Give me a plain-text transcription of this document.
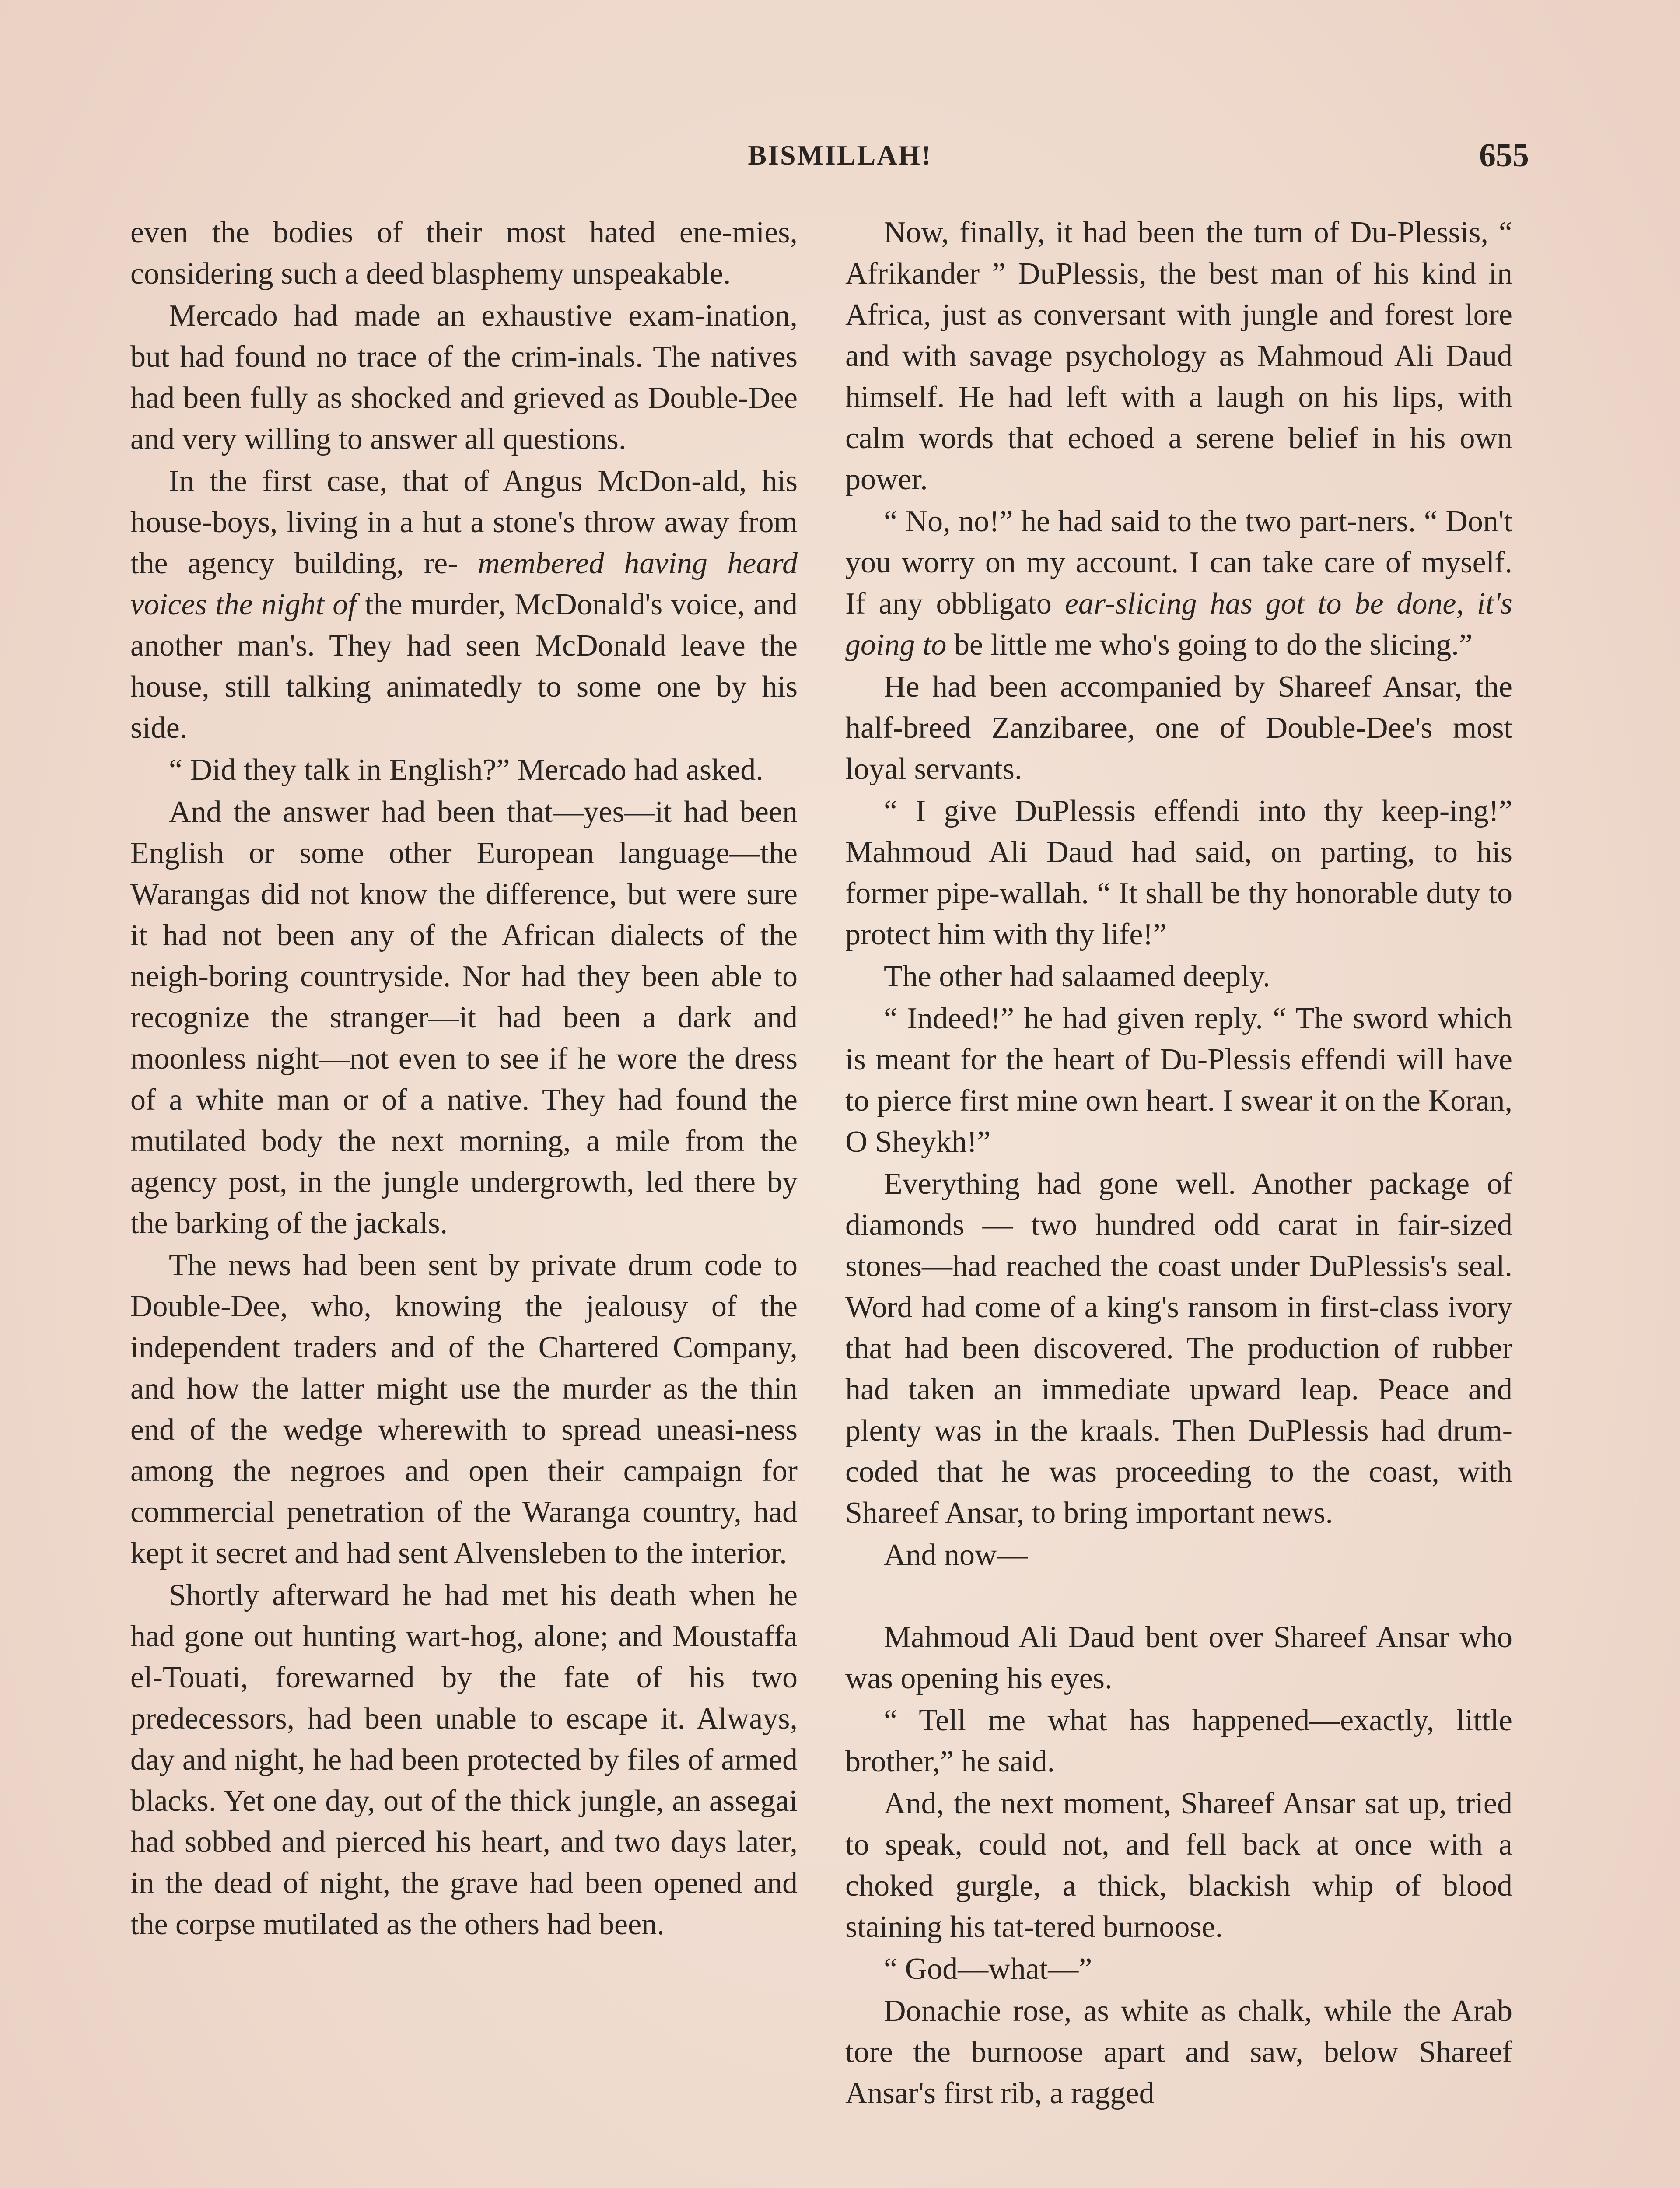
BISMILLAH!	655

even the bodies of their most hated ene-mies, considering such a deed blasphemy unspeakable.

Mercado had made an exhaustive exam-ination, but had found no trace of the crim-inals. The natives had been fully as shocked and grieved as Double-Dee and very willing to answer all questions.

In the first case, that of Angus McDon-ald, his house-boys, living in a hut a stone's throw away from the agency building, re- membered having heard voices the night of the murder, McDonald's voice, and another man's. They had seen McDonald leave the house, still talking animatedly to some one by his side.

“ Did they talk in English?” Mercado had asked.

And the answer had been that—yes—it had been English or some other European language—the Warangas did not know the difference, but were sure it had not been any of the African dialects of the neigh-boring countryside. Nor had they been able to recognize the stranger—it had been a dark and moonless night—not even to see if he wore the dress of a white man or of a native. They had found the mutilated body the next morning, a mile from the agency post, in the jungle undergrowth, led there by the barking of the jackals.

The news had been sent by private drum code to Double-Dee, who, knowing the jealousy of the independent traders and of the Chartered Company, and how the latter might use the murder as the thin end of the wedge wherewith to spread uneasi-ness among the negroes and open their campaign for commercial penetration of the Waranga country, had kept it secret and had sent Alvensleben to the interior.

Shortly afterward he had met his death when he had gone out hunting wart-hog, alone; and Moustaffa el-Touati, forewarned by the fate of his two predecessors, had been unable to escape it. Always, day and night, he had been protected by files of armed blacks. Yet one day, out of the thick jungle, an assegai had sobbed and pierced his heart, and two days later, in the dead of night, the grave had been opened and the corpse mutilated as the others had been.

Now, finally, it had been the turn of Du-Plessis, “ Afrikander ” DuPlessis, the best man of his kind in Africa, just as conversant with jungle and forest lore and with savage psychology as Mahmoud Ali Daud himself. He had left with a laugh on his lips, with calm words that echoed a serene belief in his own power.

“ No, no!” he had said to the two part-ners. “ Don't you worry on my account. I can take care of myself. If any obbligato ear-slicing has got to be done, it's going to be little me who's going to do the slicing.”

He had been accompanied by Shareef Ansar, the half-breed Zanzibaree, one of Double-Dee's most loyal servants.

“ I give DuPlessis effendi into thy keep-ing!” Mahmoud Ali Daud had said, on parting, to his former pipe-wallah. “ It shall be thy honorable duty to protect him with thy life!”

The other had salaamed deeply.

“ Indeed!” he had given reply. “ The sword which is meant for the heart of Du-Plessis effendi will have to pierce first mine own heart. I swear it on the Koran, O Sheykh!”

Everything had gone well. Another package of diamonds — two hundred odd carat in fair-sized stones—had reached the coast under DuPlessis's seal. Word had come of a king's ransom in first-class ivory that had been discovered. The production of rubber had taken an immediate upward leap. Peace and plenty was in the kraals. Then DuPlessis had drum-coded that he was proceeding to the coast, with Shareef Ansar, to bring important news.

And now—

Mahmoud Ali Daud bent over Shareef Ansar who was opening his eyes.

“ Tell me what has happened—exactly, little brother,” he said.

And, the next moment, Shareef Ansar sat up, tried to speak, could not, and fell back at once with a choked gurgle, a thick, blackish whip of blood staining his tat-tered burnoose.

“ God—what—”

Donachie rose, as white as chalk, while the Arab tore the burnoose apart and saw, below Shareef Ansar's first rib, a ragged
